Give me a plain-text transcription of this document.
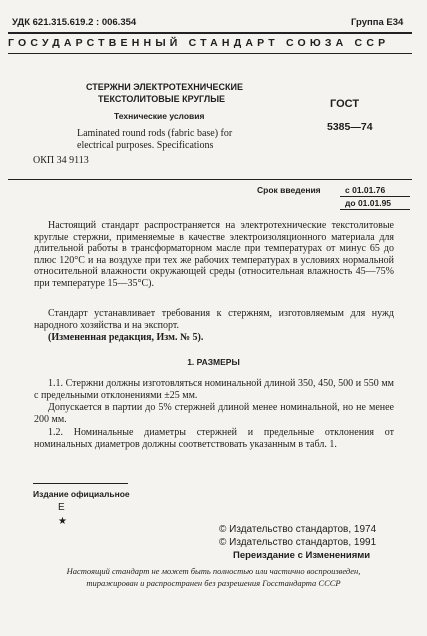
УДК 621.315.619.2 : 006.354	Группа Е34
ГОСУДАРСТВЕННЫЙ СТАНДАРТ СОЮЗА ССР
СТЕРЖНИ ЭЛЕКТРОТЕХНИЧЕСКИЕ
ТЕКСТОЛИТОВЫЕ КРУГЛЫЕ	ГОСТ
Технические условия
5385—74
Laminated round rods (fabric base) for
electrical purposes. Specifications
ОКП 34 9113
Срок введения	с 01.01.76
до 01.01.95

Настоящий стандарт распространяется на электротехнические текстолитовые круглые стержни, применяемые в качестве электроизоляционного материала для длительной работы в трансформаторном масле при температурах от минус 65 до плюс 120°С и на воздухе при тех же рабочих температурах в условиях нормальной относительной влажности окружающей среды (относительная влажность 45—75% при температуре 15—35°С).

Стандарт устанавливает требования к стержням, изготовляемым для нужд народного хозяйства и на экспорт.

(Измененная редакция, Изм. № 5).

1. РАЗМЕРЫ

1.1. Стержни должны изготовляться номинальной длиной 350, 450, 500 и 550 мм с предельными отклонениями ±25 мм.

Допускается в партии до 5% стержней длиной менее номинальной, но не менее 200 мм.

1.2. Номинальные диаметры стержней и предельные отклонения от номинальных диаметров должны соответствовать указанным в табл. 1.

Издание официальное
Е
★
© Издательство стандартов, 1974
© Издательство стандартов, 1991
Переиздание с Изменениями
Настоящий стандарт не может быть полностью или частично воспроизведен,
тиражирован и распространен без разрешения Госстандарта СССР
